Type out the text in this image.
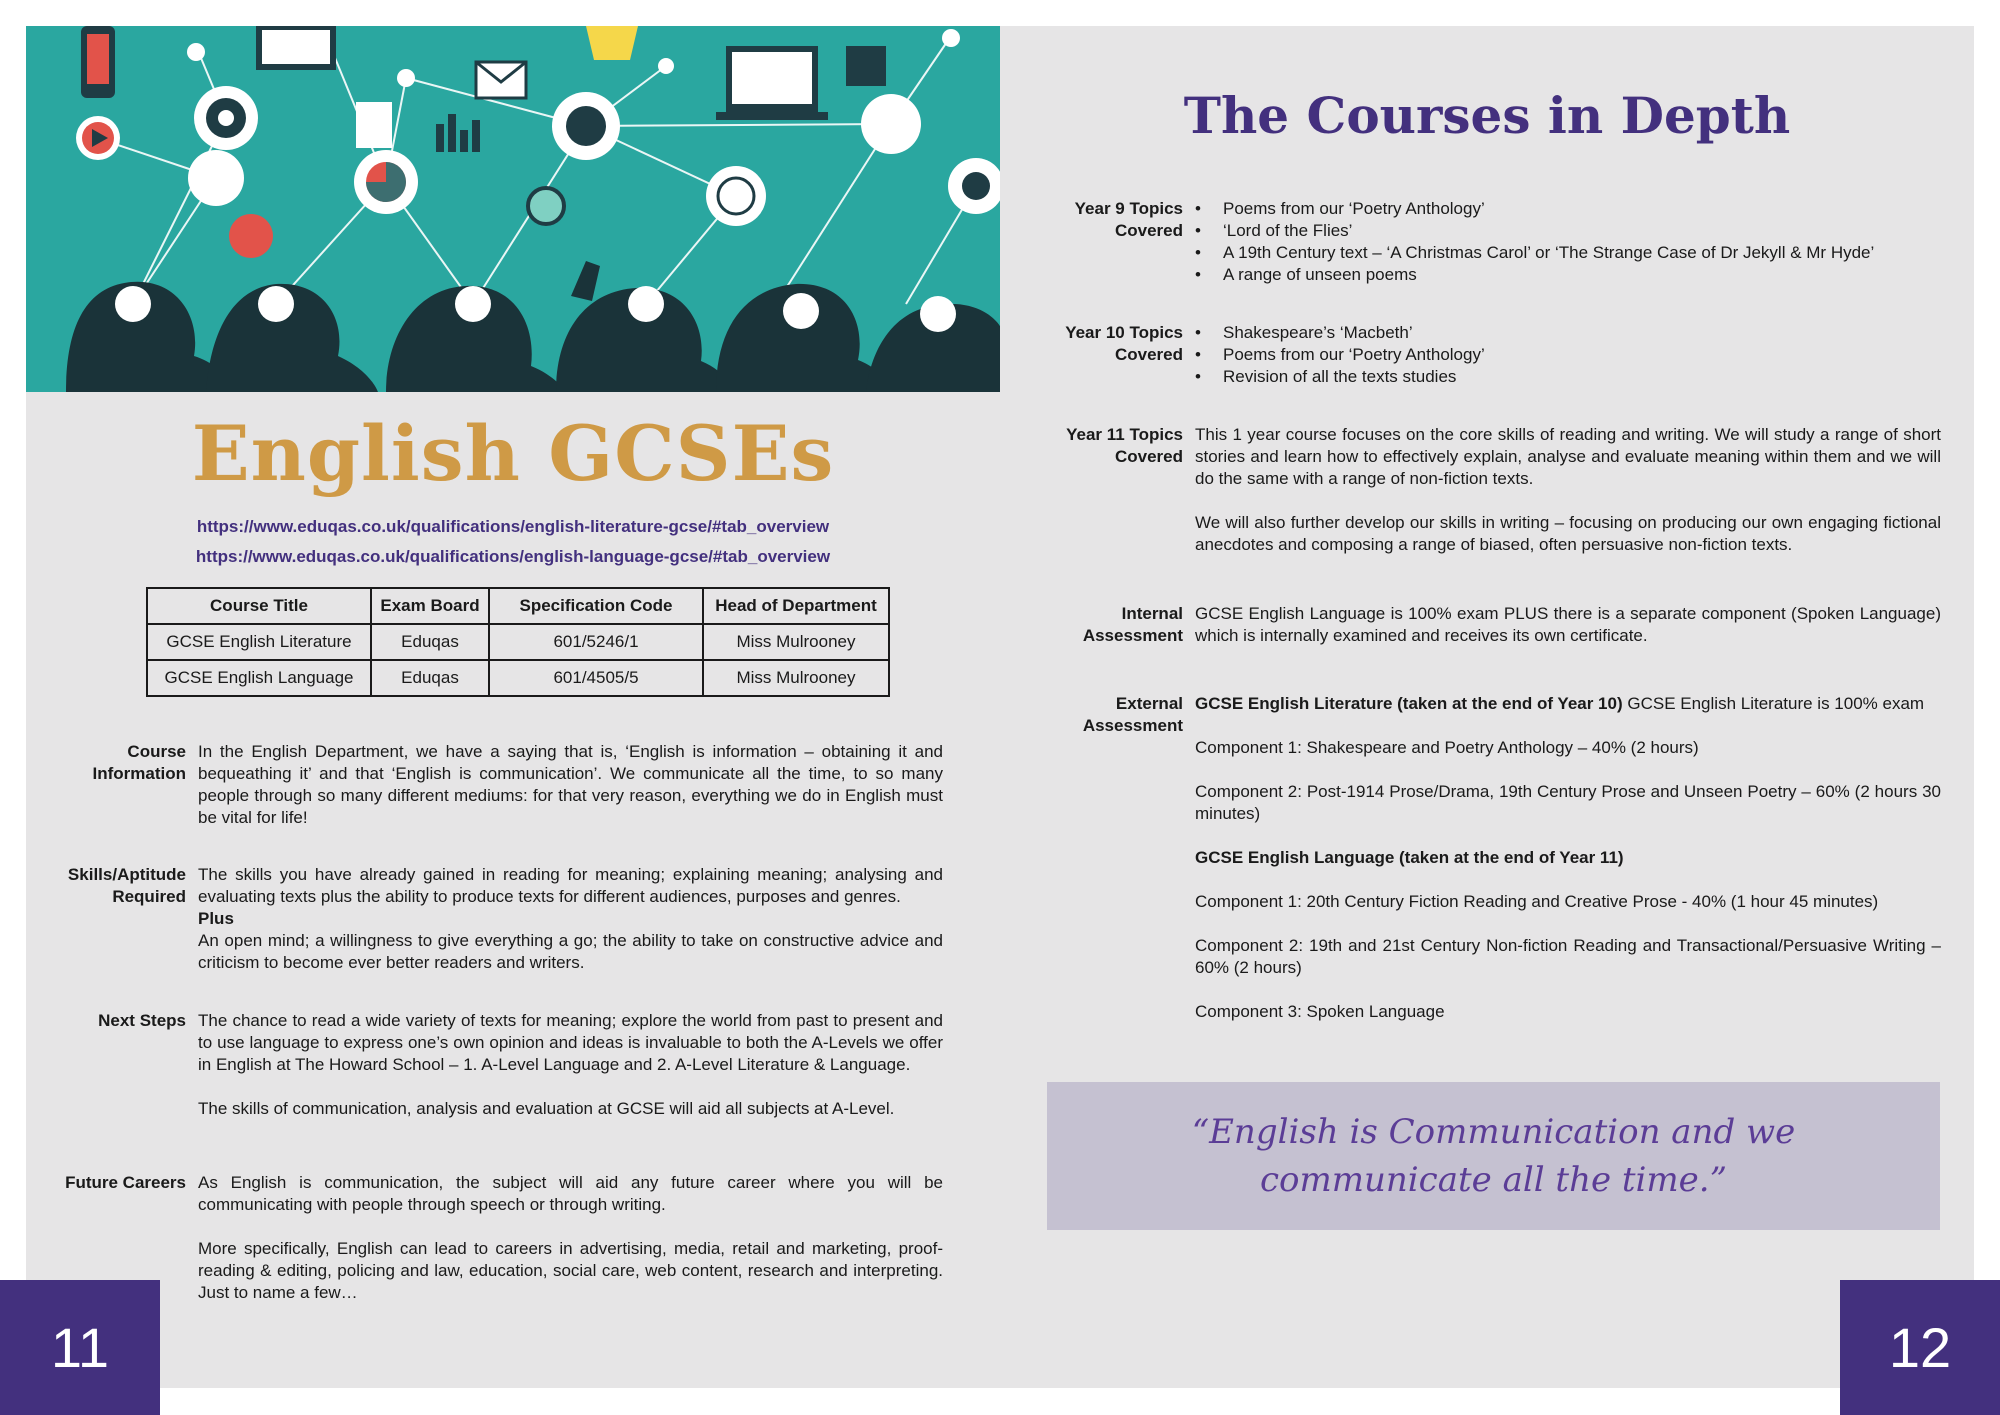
English GCSEs
https://www.eduqas.co.uk/qualifications/english-literature-gcse/#tab_overview
https://www.eduqas.co.uk/qualifications/english-language-gcse/#tab_overview
Course Title	Exam Board	Specification Code	Head of Department
GCSE English Literature	Eduqas	601/5246/1	Miss Mulrooney
GCSE English Language	Eduqas	601/4505/5	Miss Mulrooney
The Courses in Depth
Course
Information

In the English Department, we have a saying that is, ‘English is information – obtaining it and bequeathing it’ and that ‘English is communication’. We communicate all the time, to so many people through so many different mediums: for that very reason, everything we do in English must be vital for life!

Skills/Aptitude
Required
The skills you have already gained in reading for meaning; explaining meaning; analysing and evaluating texts plus the ability to produce texts for different audiences, purposes and genres.
Plus
An open mind; a willingness to give everything a go; the ability to take on constructive advice and criticism to become ever better readers and writers.
Next Steps The chance to read a wide variety of texts for meaning; explore the world from past to present and to use language to express one’s own opinion and ideas is invaluable to both the A-Levels we offer in English at The Howard School – 1. A-Level Language and 2. A-Level Literature & Language.

The skills of communication, analysis and evaluation at GCSE will aid all subjects at A-Level.

Future Careers As English is communication, the subject will aid any future career where you will be communicating with people through speech or through writing.

More specifically, English can lead to careers in advertising, media, retail and marketing, proof-reading & editing, policing and law, education, social care, web content, research and interpreting. Just to name a few…

Year 9 Topics
Covered
• Poems from our ‘Poetry Anthology’
• ‘Lord of the Flies’
• A 19th Century text – ‘A Christmas Carol’ or ‘The Strange Case of Dr Jekyll & Mr Hyde’
• A range of unseen poems
Year 10 Topics
Covered
• Shakespeare’s ‘Macbeth’
• Poems from our ‘Poetry Anthology’
• Revision of all the texts studies
Year 11 Topics
Covered

This 1 year course focuses on the core skills of reading and writing. We will study a range of short stories and learn how to effectively explain, analyse and evaluate meaning within them and we will do the same with a range of non-fiction texts.

We will also further develop our skills in writing – focusing on producing our own engaging fictional anecdotes and composing a range of biased, often persuasive non-fiction texts.

Internal
Assessment

GCSE English Language is 100% exam PLUS there is a separate component (Spoken Language) which is internally examined and receives its own certificate.

External
Assessment

GCSE English Literature (taken at the end of Year 10) GCSE English Literature is 100% exam

Component 1: Shakespeare and Poetry Anthology – 40% (2 hours)

Component 2: Post-1914 Prose/Drama, 19th Century Prose and Unseen Poetry – 60% (2 hours 30 minutes)

GCSE English Language (taken at the end of Year 11)

Component 1: 20th Century Fiction Reading and Creative Prose - 40% (1 hour 45 minutes)

Component 2: 19th and 21st Century Non-fiction Reading and Transactional/Persuasive Writing – 60% (2 hours)

Component 3: Spoken Language

“English is Communication and we communicate all the time.”
11	12
